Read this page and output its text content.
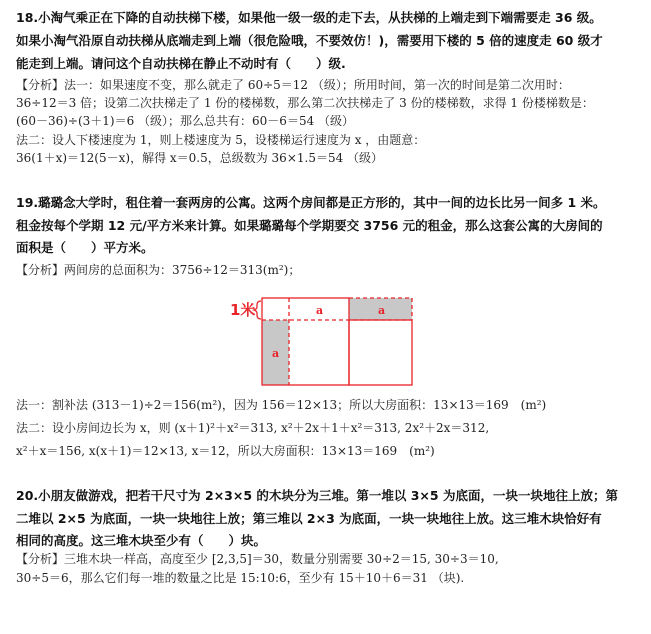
18.小淘气乘正在下降的自动扶梯下楼，如果他一级一级的走下去，从扶梯的上端走到下端需要走 36 级。
如果小淘气沿原自动扶梯从底端走到上端（很危险哦，不要效仿！)，需要用下楼的 5 倍的速度走 60 级才
能走到上端。请问这个自动扶梯在静止不动时有（　　）级.
【分析】法一：如果速度不变，那么就走了 60÷5＝12 （级）；所用时间，第一次的时间是第二次用时：
36÷12＝3 倍；设第二次扶梯走了 1 份的楼梯数，那么第二次扶梯走了 3 份的楼梯数，求得 1 份楼梯数是：
(60－36)÷(3＋1)＝6 （级）；那么总共有：60－6＝54 （级）
法二：设人下楼速度为 1，则上楼速度为 5，设楼梯运行速度为 x ，由题意：
36(1＋x)＝12(5－x)，解得 x＝0.5，总级数为 36×1.5＝54 （级）
19.璐璐念大学时，租住着一套两房的公寓。这两个房间都是正方形的，其中一间的边长比另一间多 1 米。
租金按每个学期 12 元/平方米来计算。如果璐璐每个学期要交 3756 元的租金，那么这套公寓的大房间的
面积是（　　）平方米。
【分析】两间房的总面积为：3756÷12＝313(m²)；
1米	a	a
a
法一：割补法 (313－1)÷2＝156(m²)，因为 156＝12×13；所以大房面积：13×13＝169　(m²)
法二：设小房间边长为 x，则 (x＋1)²＋x²＝313, x²＋2x＋1＋x²＝313, 2x²＋2x＝312,
x²＋x＝156, x(x＋1)＝12×13, x＝12，所以大房面积：13×13＝169　(m²)
20.小朋友做游戏，把若干尺寸为 2×3×5 的木块分为三堆。第一堆以 3×5 为底面，一块一块地往上放；第
二堆以 2×5 为底面，一块一块地往上放；第三堆以 2×3 为底面，一块一块地往上放。这三堆木块恰好有
相同的高度。这三堆木块至少有（　　）块。
【分析】三堆木块一样高，高度至少 [2,3,5]＝30，数量分别需要 30÷2＝15, 30÷3＝10,
30÷5＝6，那么它们每一堆的数量之比是 15:10:6，至少有 15＋10＋6＝31 （块).
